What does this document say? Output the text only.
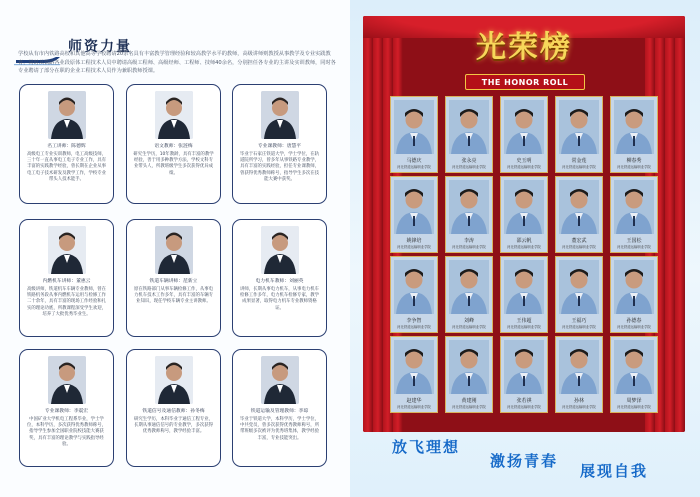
师资力量
学校从有市内铁路高校和其他高等学校聘请20余名具有丰富教学管理经验和较高教学水平的教师，高级讲师则教授从事教学及专业实践教育，同时从铁路各业段原体工程技术人员中聘请高级工程师、高级经师、工程师、技师40余名，分别担任各专业的主讲及实训教师，同时各专业聘请了部分在职的企业工程技术人员作为兼职教师授课。
名工讲师：陈德辉
高级电工专业实训教师，电工高级技师，三十年一直从事电工电子专业工作，具有丰富的实践教学经验，曾长期在企业从事电工电子技术研发及教学工作，学校专业带头人技术能手。
语文教师：张涟梅
研究生学历，10年教龄，具有丰富的教学经验，善于用多种教学方法，学校文科专业带头人，所教班级学生多次获得优异成绩。
专业课教师：唐慧平
毕业于石家庄铁道大学，学士学位，在轨道院所学习，曾多年从事铁路专业教学，具有丰富的实践经验，担任专业课教师，曾获得优秀教师称号，指导学生多次在技能大赛中获奖。
内燃机车讲师：董惠云
高级讲师，铁道机车车辆专业教师，曾在铁路机务段从事内燃机车运用与检修工作二十余年，具有丰富的现场工作经验和扎实的理论功底，所教课程深受学生欢迎，培养了大批优秀毕业生。
铁道车辆讲师：范新立
原在铁路部门从事车辆检修工作，从事电力机车技术工作多年，具有丰富的车辆专业知识，现任学校车辆专业主讲教师。
电力机车教师：刘丽英
讲师，长期从事电力机车，从事电力机车检修工作多年，电力机车检修专家，教学成果显著，取得电力机车专业教师资格证。
专业课教师：李震宏
中国矿业大学机电工程系毕业，学士学位，本科学历，多次获得优秀教师称号，指导学生参加全国职业院校技能大赛获奖，具有丰富的理论教学与实践指导经验。
铁道信号及通信教师：孙冬梅
研究生学历，本科毕业于通信工程专业，长期从事通信信号的专业教学，多次获得优秀教师称号，教学经验丰富。
铁道运输及管理教师：李琼
毕业于铁道大学，本科学历，学士学位，中共党员，曾多次获得优秀教师称号，所带班级多次被评为优秀班集体，教学经验丰富，专业技能突出。
光荣榜
THE HONOR ROLL
马德庆
河北铁道运输职业学院
张永亮
河北铁道运输职业学院
史玉明
河北铁道运输职业学院
常金莲
河北铁道运输职业学院
柳春秀
河北铁道运输职业学院
姚锋培
河北铁道运输职业学院
李涛
河北铁道运输职业学院
邵云帆
河北铁道运输职业学院
董宏武
河北铁道运输职业学院
王国松
河北铁道运输职业学院
李争智
河北铁道运输职业学院
刘峰
河北铁道运输职业学院
王伟超
河北铁道运输职业学院
王福巧
河北铁道运输职业学院
孙德春
河北铁道运输职业学院
赵建华
河北铁道运输职业学院
黄建刚
河北铁道运输职业学院
张若祺
河北铁道运输职业学院
孙林
河北铁道运输职业学院
周梦泽
河北铁道运输职业学院
放飞理想
激扬青春
展现自我
